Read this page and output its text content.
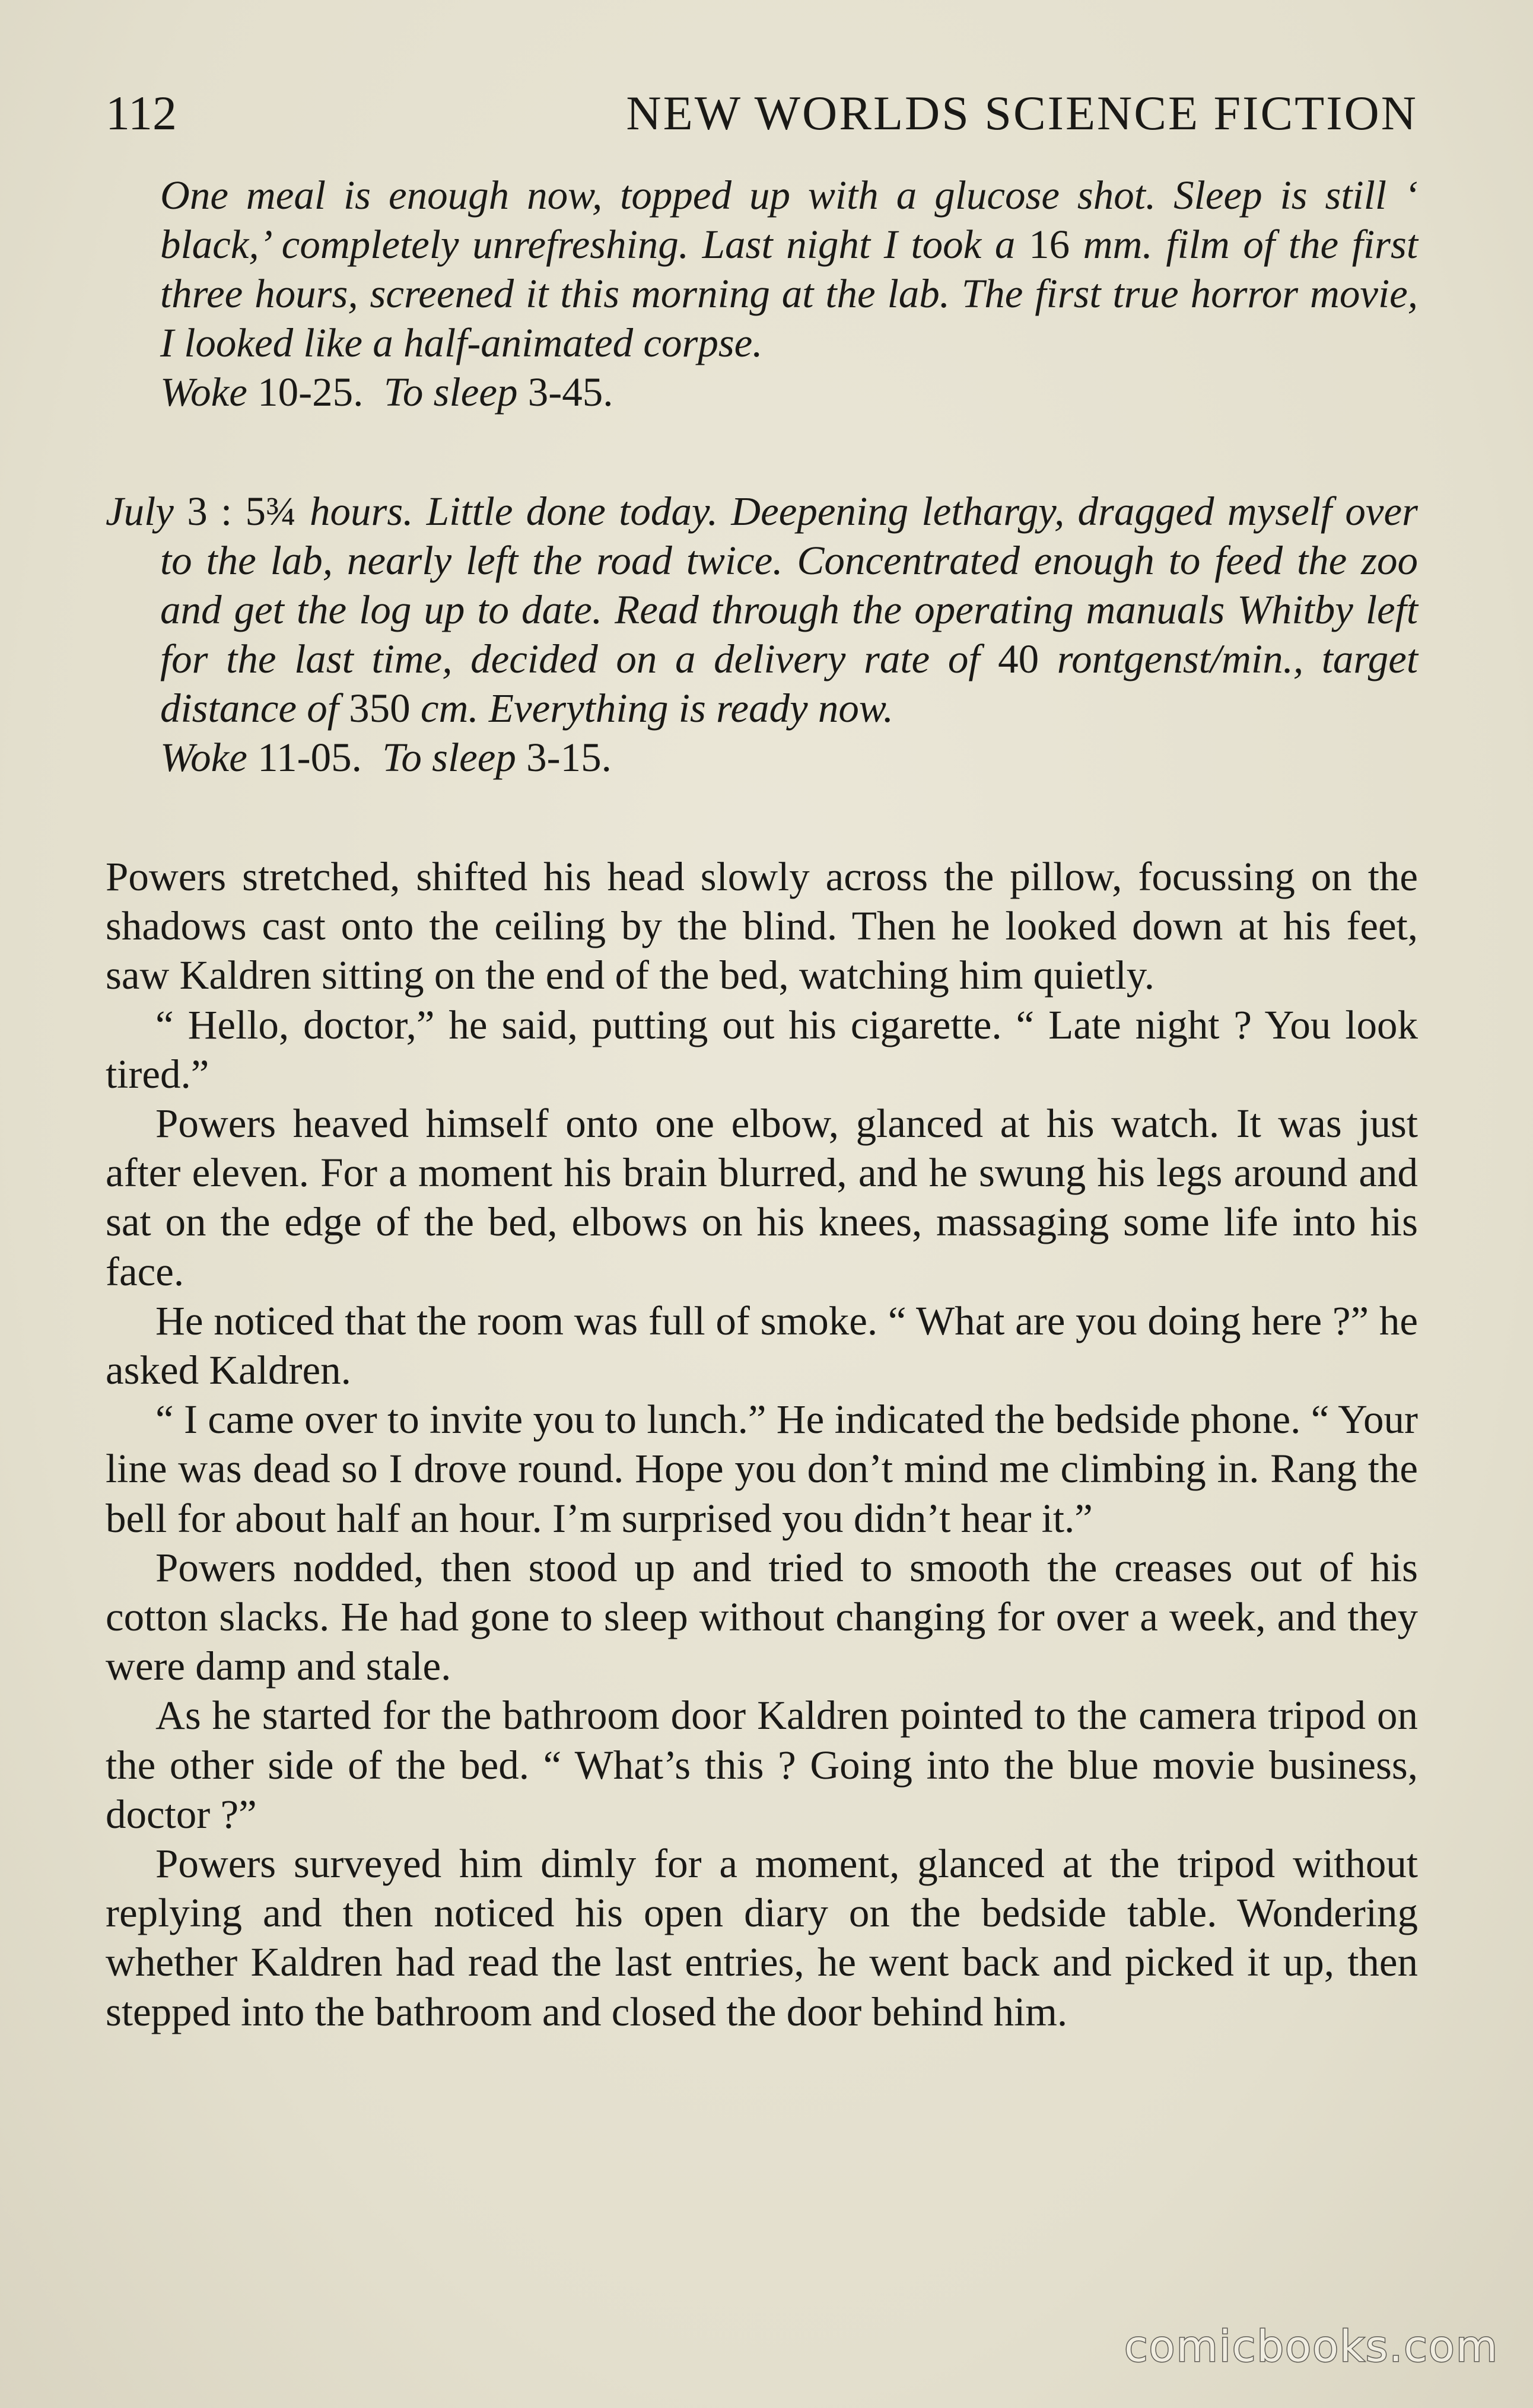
112	NEW WORLDS SCIENCE FICTION

One meal is enough now, topped up with a glucose shot. Sleep is still ‘ black,’ completely unrefreshing. Last night I took a 16 mm. film of the first three hours, screened it this morning at the lab. The first true horror movie, I looked like a half-animated corpse.

Woke 10-25. To sleep 3-45.

July 3 : 5¾ hours. Little done today. Deepening lethargy, dragged myself over to the lab, nearly left the road twice. Concentrated enough to feed the zoo and get the log up to date. Read through the operating manuals Whitby left for the last time, decided on a delivery rate of 40 rontgenst/min., target distance of 350 cm. Everything is ready now.

Woke 11-05. To sleep 3-15.

Powers stretched, shifted his head slowly across the pillow, focussing on the shadows cast onto the ceiling by the blind. Then he looked down at his feet, saw Kaldren sitting on the end of the bed, watching him quietly.

“ Hello, doctor,” he said, putting out his cigarette. “ Late night ? You look tired.”

Powers heaved himself onto one elbow, glanced at his watch. It was just after eleven. For a moment his brain blurred, and he swung his legs around and sat on the edge of the bed, elbows on his knees, massaging some life into his face.

He noticed that the room was full of smoke. “ What are you doing here ?” he asked Kaldren.

“ I came over to invite you to lunch.” He indicated the bedside phone. “ Your line was dead so I drove round. Hope you don’t mind me climbing in. Rang the bell for about half an hour. I’m surprised you didn’t hear it.”

Powers nodded, then stood up and tried to smooth the creases out of his cotton slacks. He had gone to sleep without changing for over a week, and they were damp and stale.

As he started for the bathroom door Kaldren pointed to the camera tripod on the other side of the bed. “ What’s this ? Going into the blue movie business, doctor ?”

Powers surveyed him dimly for a moment, glanced at the tripod without replying and then noticed his open diary on the bedside table. Wondering whether Kaldren had read the last entries, he went back and picked it up, then stepped into the bathroom and closed the door behind him.

comicbooks.com
